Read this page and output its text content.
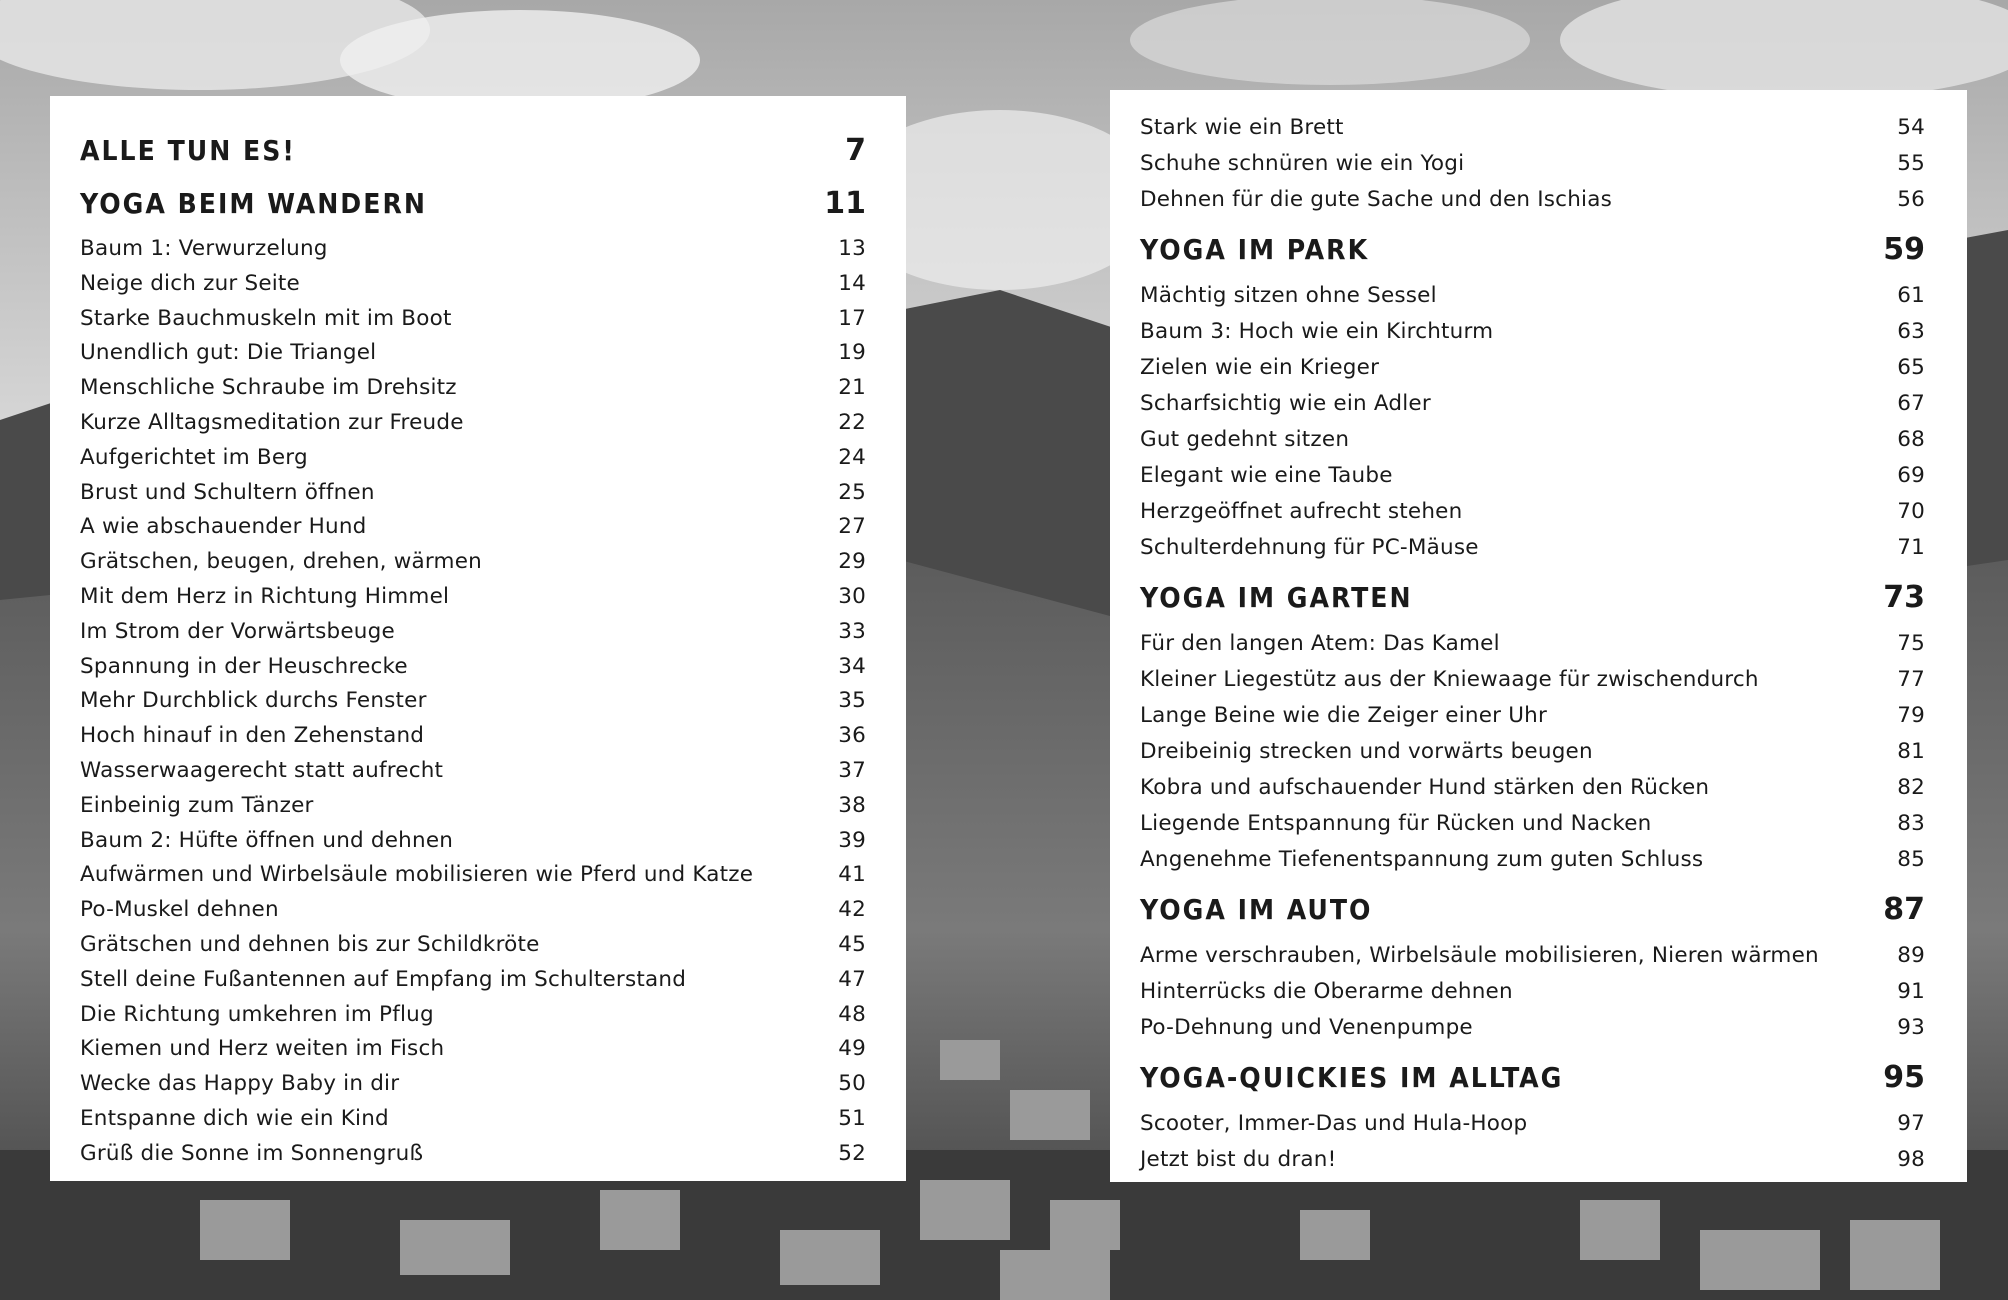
ALLE TUN ES!	7
YOGA BEIM WANDERN	11
Baum 1: Verwurzelung	13
Neige dich zur Seite	14
Starke Bauchmuskeln mit im Boot	17
Unendlich gut: Die Triangel	19
Menschliche Schraube im Drehsitz	21
Kurze Alltagsmeditation zur Freude	22
Aufgerichtet im Berg	24
Brust und Schultern öffnen	25
A wie abschauender Hund	27
Grätschen, beugen, drehen, wärmen	29
Mit dem Herz in Richtung Himmel	30
Im Strom der Vorwärtsbeuge	33
Spannung in der Heuschrecke	34
Mehr Durchblick durchs Fenster	35
Hoch hinauf in den Zehenstand	36
Wasserwaagerecht statt aufrecht	37
Einbeinig zum Tänzer	38
Baum 2: Hüfte öffnen und dehnen	39
Aufwärmen und Wirbelsäule mobilisieren wie Pferd und Katze	41
Po-Muskel dehnen	42
Grätschen und dehnen bis zur Schildkröte	45
Stell deine Fußantennen auf Empfang im Schulterstand	47
Die Richtung umkehren im Pflug	48
Kiemen und Herz weiten im Fisch	49
Wecke das Happy Baby in dir	50
Entspanne dich wie ein Kind	51
Grüß die Sonne im Sonnengruß	52
Stark wie ein Brett	54
Schuhe schnüren wie ein Yogi	55
Dehnen für die gute Sache und den Ischias	56
YOGA IM PARK	59
Mächtig sitzen ohne Sessel	61
Baum 3: Hoch wie ein Kirchturm	63
Zielen wie ein Krieger	65
Scharfsichtig wie ein Adler	67
Gut gedehnt sitzen	68
Elegant wie eine Taube	69
Herzgeöffnet aufrecht stehen	70
Schulterdehnung für PC-Mäuse	71
YOGA IM GARTEN	73
Für den langen Atem: Das Kamel	75
Kleiner Liegestütz aus der Kniewaage für zwischendurch	77
Lange Beine wie die Zeiger einer Uhr	79
Dreibeinig strecken und vorwärts beugen	81
Kobra und aufschauender Hund stärken den Rücken	82
Liegende Entspannung für Rücken und Nacken	83
Angenehme Tiefenentspannung zum guten Schluss	85
YOGA IM AUTO	87
Arme verschrauben, Wirbelsäule mobilisieren, Nieren wärmen	89
Hinterrücks die Oberarme dehnen	91
Po-Dehnung und Venenpumpe	93
YOGA-QUICKIES IM ALLTAG	95
Scooter, Immer-Das und Hula-Hoop	97
Jetzt bist du dran!	98
